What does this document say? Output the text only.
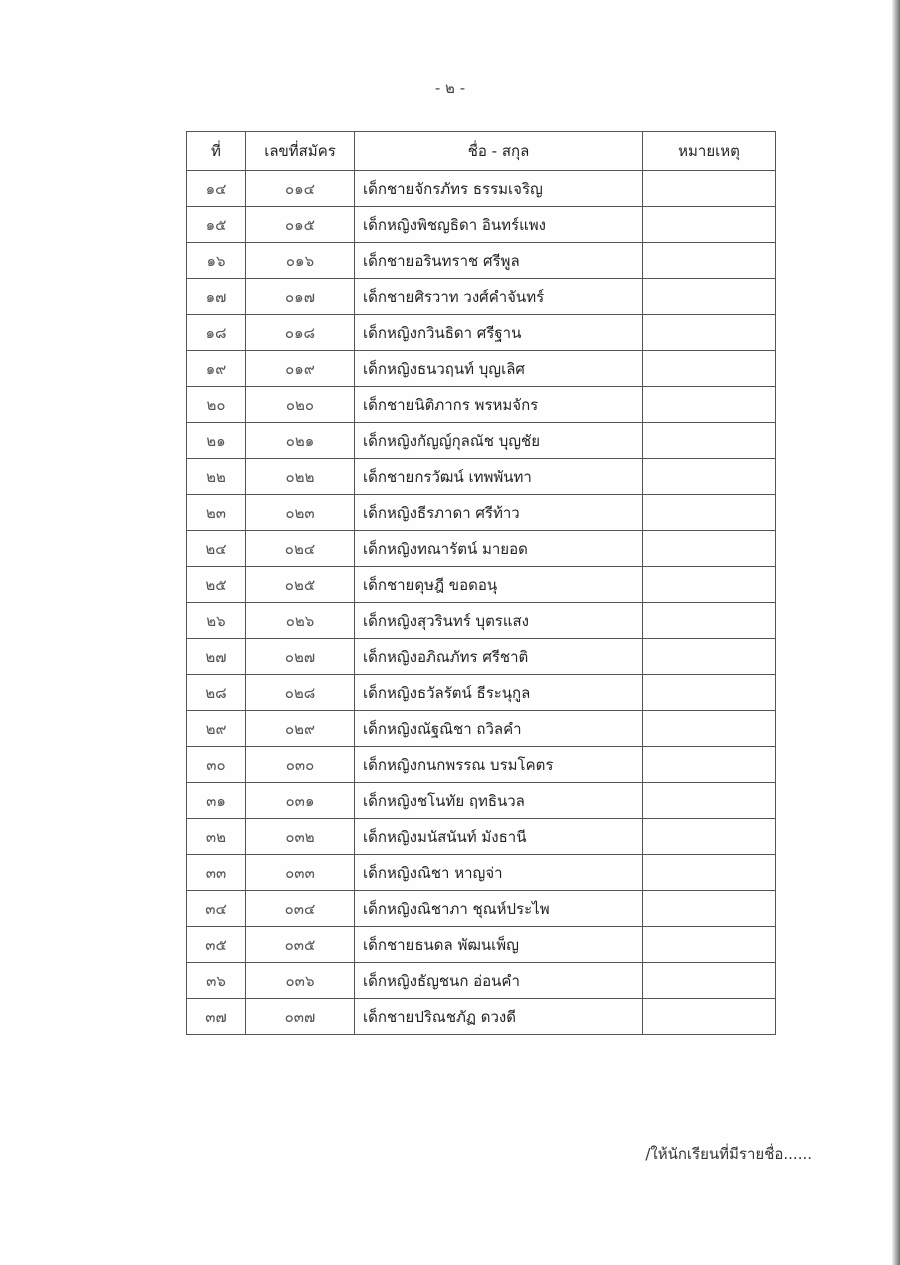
- ๒ -
ที่	เลขที่สมัคร	ชื่อ - สกุล	หมายเหตุ
๑๔	๐๑๔	เด็กชายจักรภัทร ธรรมเจริญ	
๑๕	๐๑๕	เด็กหญิงพิชญธิดา อินทร์แพง	
๑๖	๐๑๖	เด็กชายอรินทราช ศรีพูล	
๑๗	๐๑๗	เด็กชายศิรวาท วงศ์คำจันทร์	
๑๘	๐๑๘	เด็กหญิงกวินธิดา ศรีฐาน	
๑๙	๐๑๙	เด็กหญิงธนวฤนท์ บุญเลิศ	
๒๐	๐๒๐	เด็กชายนิติภากร พรหมจักร	
๒๑	๐๒๑	เด็กหญิงกัญญ์กุลณัช บุญชัย	
๒๒	๐๒๒	เด็กชายกรวัฒน์ เทพพันทา	
๒๓	๐๒๓	เด็กหญิงธีรภาดา ศรีท้าว	
๒๔	๐๒๔	เด็กหญิงทณารัตน์ มายอด	
๒๕	๐๒๕	เด็กชายดุษฎี ขอดอนุ	
๒๖	๐๒๖	เด็กหญิงสุวรินทร์ บุตรแสง	
๒๗	๐๒๗	เด็กหญิงอภิณภัทร ศรีชาติ	
๒๘	๐๒๘	เด็กหญิงธวัลรัตน์ ธีระนุกูล	
๒๙	๐๒๙	เด็กหญิงณัฐณิชา ถวิลคำ	
๓๐	๐๓๐	เด็กหญิงกนกพรรณ บรมโคตร	
๓๑	๐๓๑	เด็กหญิงชโนทัย ฤทธินวล	
๓๒	๐๓๒	เด็กหญิงมนัสนันท์ มังธานี	
๓๓	๐๓๓	เด็กหญิงณิชา หาญจ่า	
๓๔	๐๓๔	เด็กหญิงณิชาภา ชุณห์ประไพ	
๓๕	๐๓๕	เด็กชายธนดล พัฒนเพ็ญ	
๓๖	๐๓๖	เด็กหญิงธัญชนก อ่อนคำ	
๓๗	๐๓๗	เด็กชายปริณชภัฏ ดวงดี	
/ให้นักเรียนที่มีรายชื่อ......
